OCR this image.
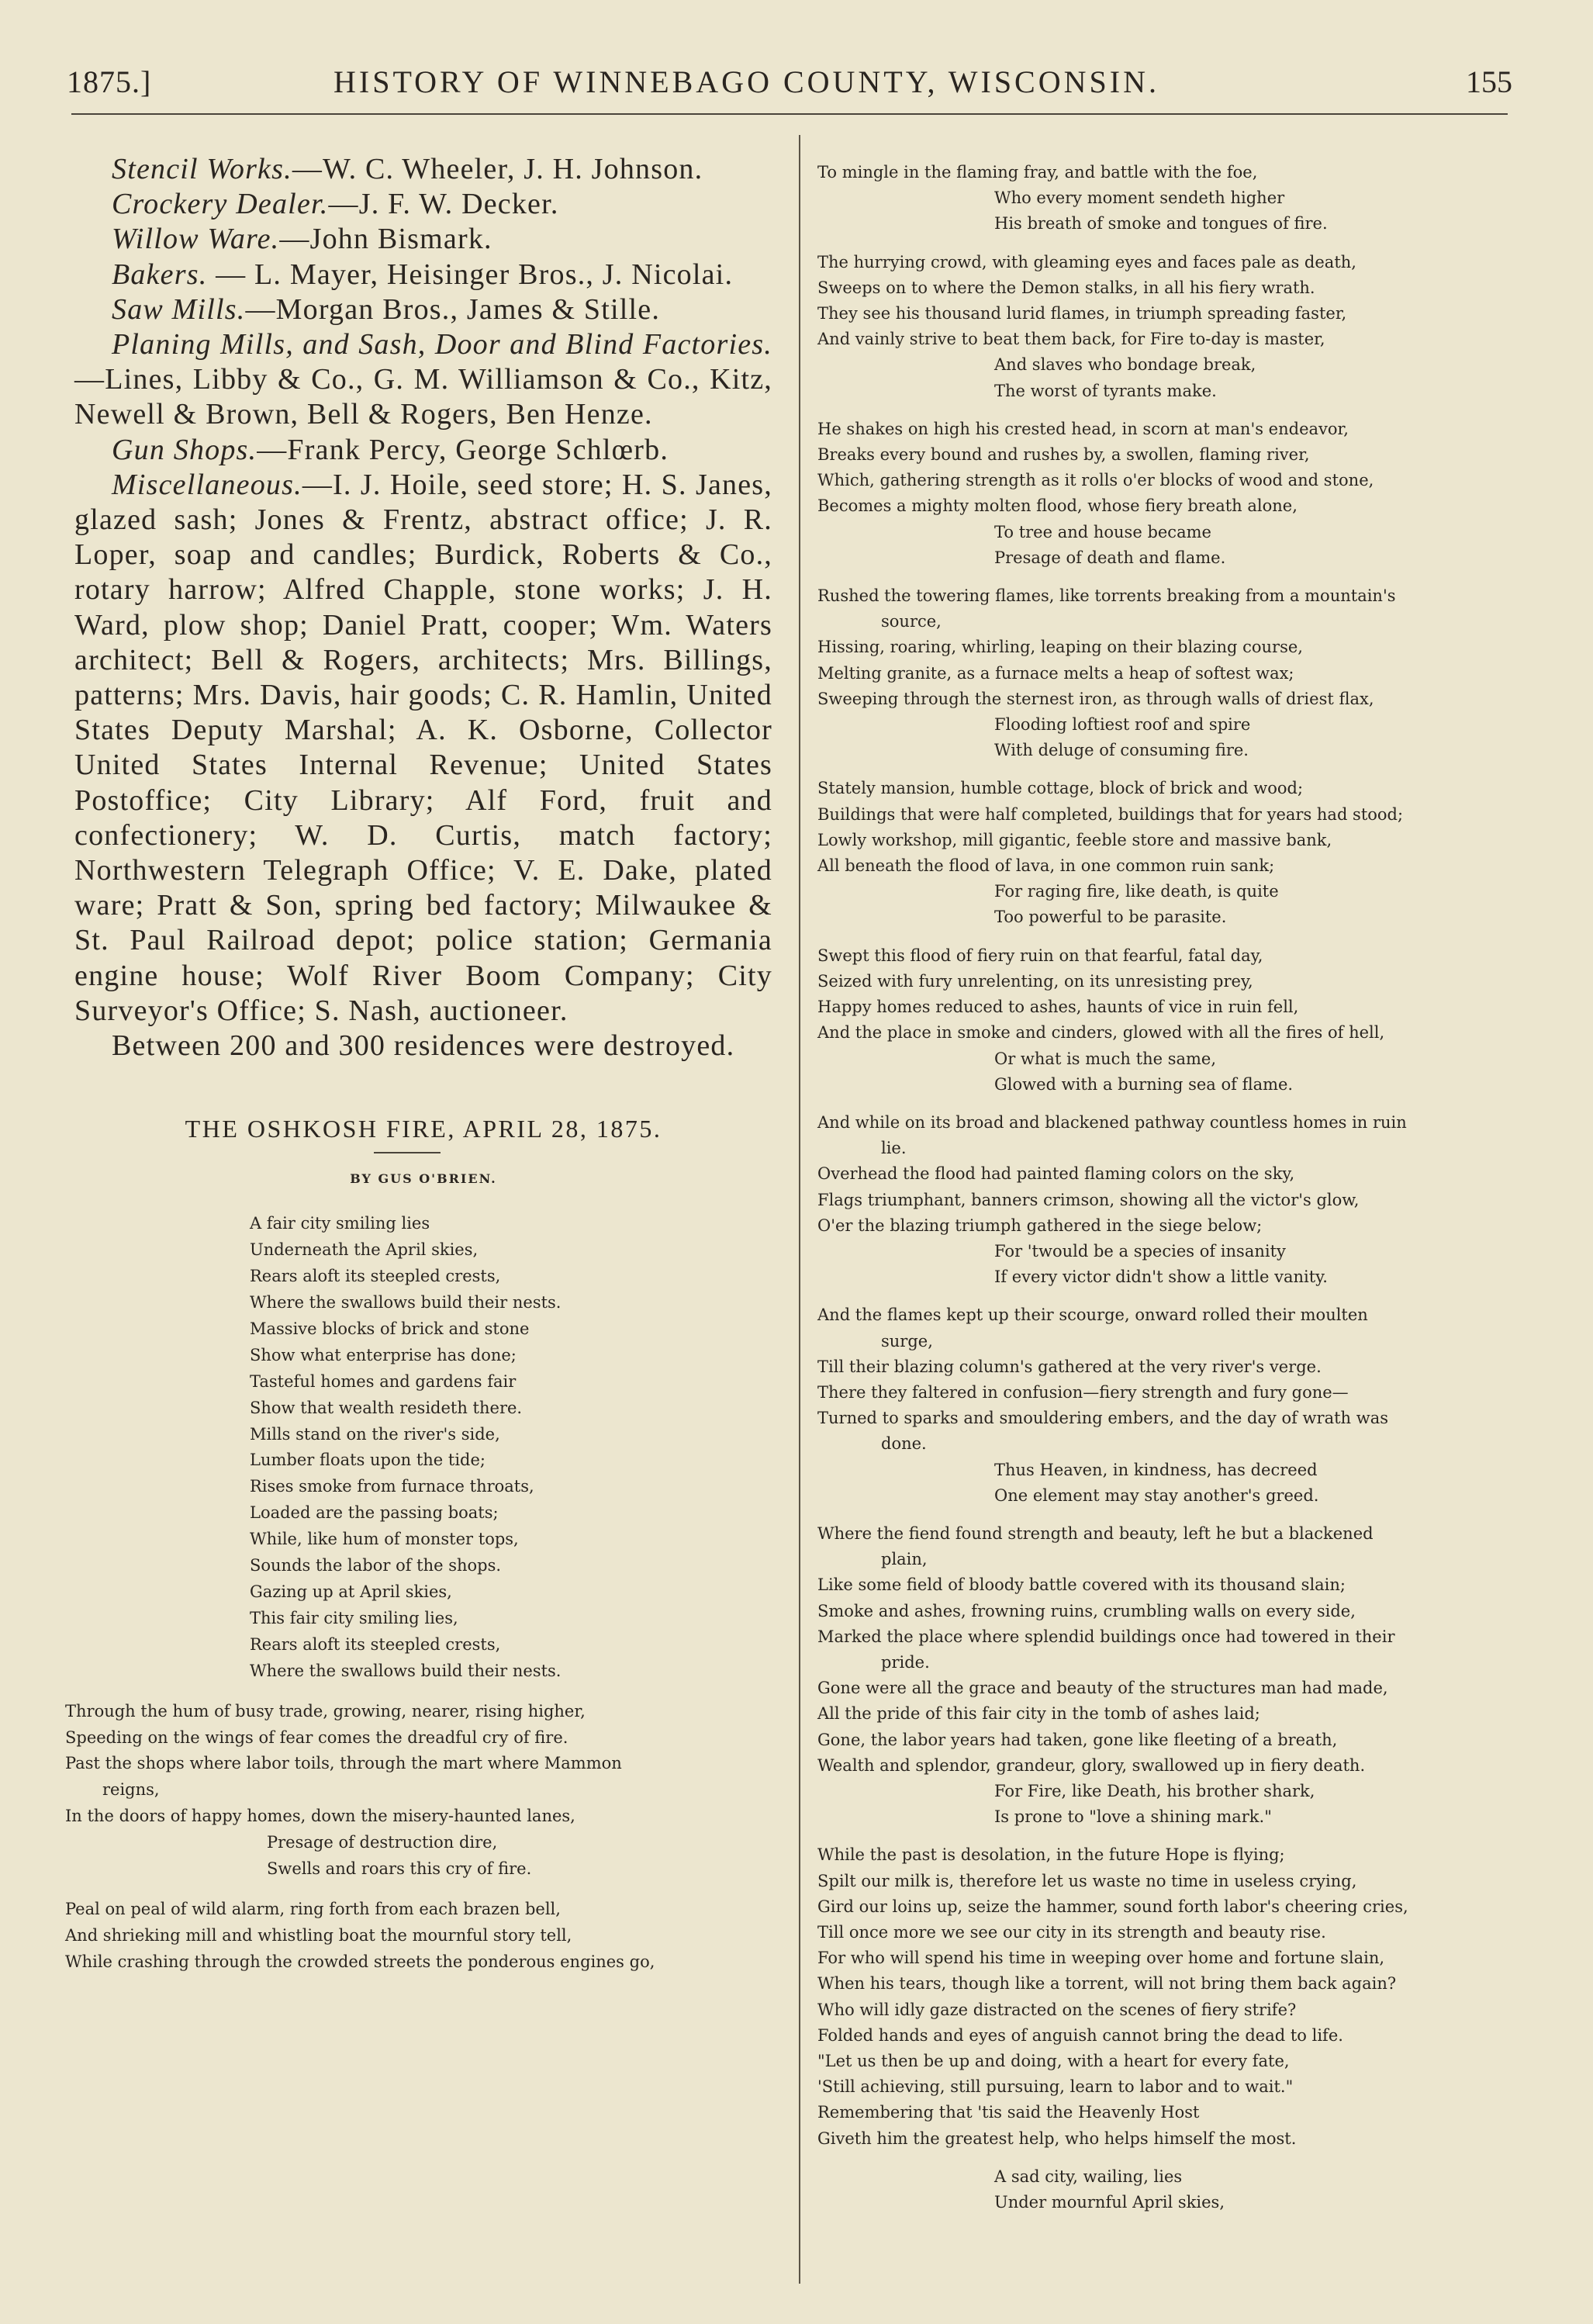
1875.]	HISTORY OF WINNEBAGO COUNTY, WISCONSIN.	155

Stencil Works.—W. C. Wheeler, J. H. Johnson.

Crockery Dealer.—J. F. W. Decker.

Willow Ware.—John Bismark.

Bakers. — L. Mayer, Heisinger Bros., J. Nicolai.

Saw Mills.—Morgan Bros., James & Stille.

Planing Mills, and Sash, Door and Blind Factories.—Lines, Libby & Co., G. M. Williamson & Co., Kitz, Newell & Brown, Bell & Rogers, Ben Henze.

Gun Shops.—Frank Percy, George Schlœrb.

Miscellaneous.—I. J. Hoile, seed store; H. S. Janes, glazed sash; Jones & Frentz, abstract office; J. R. Loper, soap and candles; Burdick, Roberts & Co., rotary harrow; Alfred Chapple, stone works; J. H. Ward, plow shop; Daniel Pratt, cooper; Wm. Waters architect; Bell & Rogers, architects; Mrs. Billings, patterns; Mrs. Davis, hair goods; C. R. Hamlin, United States Deputy Marshal; A. K. Osborne, Collector United States Internal Revenue; United States Postoffice; City Library; Alf Ford, fruit and confectionery; W. D. Curtis, match factory; Northwestern Telegraph Office; V. E. Dake, plated ware; Pratt & Son, spring bed factory; Milwaukee & St. Paul Railroad depot; police station; Germania engine house; Wolf River Boom Company; City Surveyor's Office; S. Nash, auctioneer.

Between 200 and 300 residences were destroyed.

THE OSHKOSH FIRE, APRIL 28, 1875.
BY GUS O'BRIEN.
A fair city smiling lies
Underneath the April skies,
Rears aloft its steepled crests,
Where the swallows build their nests.
Massive blocks of brick and stone
Show what enterprise has done;
Tasteful homes and gardens fair
Show that wealth resideth there.
Mills stand on the river's side,
Lumber floats upon the tide;
Rises smoke from furnace throats,
Loaded are the passing boats;
While, like hum of monster tops,
Sounds the labor of the shops.
Gazing up at April skies,
This fair city smiling lies,
Rears aloft its steepled crests,
Where the swallows build their nests.
Through the hum of busy trade, growing, nearer, rising higher,
Speeding on the wings of fear comes the dreadful cry of fire.
Past the shops where labor toils, through the mart where Mammon
reigns,
In the doors of happy homes, down the misery-haunted lanes,
Presage of destruction dire,
Swells and roars this cry of fire.
Peal on peal of wild alarm, ring forth from each brazen bell,
And shrieking mill and whistling boat the mournful story tell,
While crashing through the crowded streets the ponderous engines go,
To mingle in the flaming fray, and battle with the foe,
Who every moment sendeth higher
His breath of smoke and tongues of fire.
The hurrying crowd, with gleaming eyes and faces pale as death,
Sweeps on to where the Demon stalks, in all his fiery wrath.
They see his thousand lurid flames, in triumph spreading faster,
And vainly strive to beat them back, for Fire to-day is master,
And slaves who bondage break,
The worst of tyrants make.
He shakes on high his crested head, in scorn at man's endeavor,
Breaks every bound and rushes by, a swollen, flaming river,
Which, gathering strength as it rolls o'er blocks of wood and stone,
Becomes a mighty molten flood, whose fiery breath alone,
To tree and house became
Presage of death and flame.
Rushed the towering flames, like torrents breaking from a mountain's
source,
Hissing, roaring, whirling, leaping on their blazing course,
Melting granite, as a furnace melts a heap of softest wax;
Sweeping through the sternest iron, as through walls of driest flax,
Flooding loftiest roof and spire
With deluge of consuming fire.
Stately mansion, humble cottage, block of brick and wood;
Buildings that were half completed, buildings that for years had stood;
Lowly workshop, mill gigantic, feeble store and massive bank,
All beneath the flood of lava, in one common ruin sank;
For raging fire, like death, is quite
Too powerful to be parasite.
Swept this flood of fiery ruin on that fearful, fatal day,
Seized with fury unrelenting, on its unresisting prey,
Happy homes reduced to ashes, haunts of vice in ruin fell,
And the place in smoke and cinders, glowed with all the fires of hell,
Or what is much the same,
Glowed with a burning sea of flame.
And while on its broad and blackened pathway countless homes in ruin
lie.
Overhead the flood had painted flaming colors on the sky,
Flags triumphant, banners crimson, showing all the victor's glow,
O'er the blazing triumph gathered in the siege below;
For 'twould be a species of insanity
If every victor didn't show a little vanity.
And the flames kept up their scourge, onward rolled their moulten
surge,
Till their blazing column's gathered at the very river's verge.
There they faltered in confusion—fiery strength and fury gone—
Turned to sparks and smouldering embers, and the day of wrath was
done.
Thus Heaven, in kindness, has decreed
One element may stay another's greed.
Where the fiend found strength and beauty, left he but a blackened
plain,
Like some field of bloody battle covered with its thousand slain;
Smoke and ashes, frowning ruins, crumbling walls on every side,
Marked the place where splendid buildings once had towered in their
pride.
Gone were all the grace and beauty of the structures man had made,
All the pride of this fair city in the tomb of ashes laid;
Gone, the labor years had taken, gone like fleeting of a breath,
Wealth and splendor, grandeur, glory, swallowed up in fiery death.
For Fire, like Death, his brother shark,
Is prone to "love a shining mark."
While the past is desolation, in the future Hope is flying;
Spilt our milk is, therefore let us waste no time in useless crying,
Gird our loins up, seize the hammer, sound forth labor's cheering cries,
Till once more we see our city in its strength and beauty rise.
For who will spend his time in weeping over home and fortune slain,
When his tears, though like a torrent, will not bring them back again?
Who will idly gaze distracted on the scenes of fiery strife?
Folded hands and eyes of anguish cannot bring the dead to life.
"Let us then be up and doing, with a heart for every fate,
'Still achieving, still pursuing, learn to labor and to wait."
Remembering that 'tis said the Heavenly Host
Giveth him the greatest help, who helps himself the most.
A sad city, wailing, lies
Under mournful April skies,
